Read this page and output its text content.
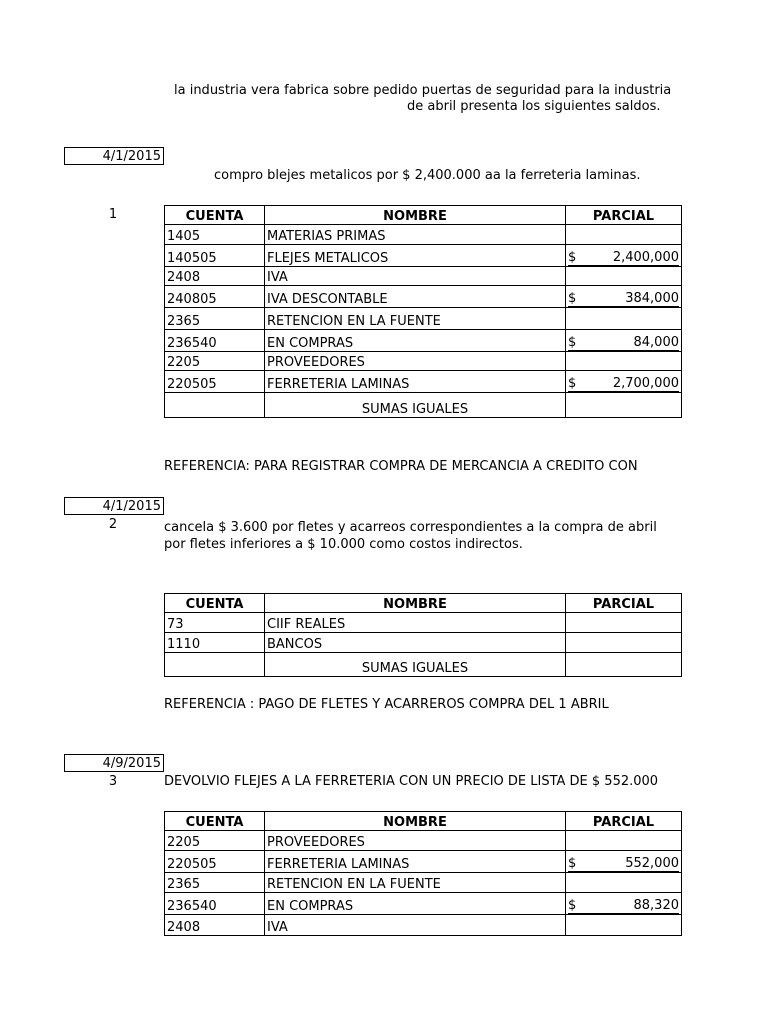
la industria vera fabrica sobre pedido puertas de seguridad para la industria
de abril presenta los siguientes saldos.
4/1/2015
compro blejes metalicos por $ 2,400.000 aa la ferreteria laminas.
1	CUENTA	NOMBRE	PARCIAL
1405	MATERIAS PRIMAS	
140505	FLEJES METALICOS	$ 2,400,000

2408	IVA	
240805	IVA DESCONTABLE	$ 384,000

2365	RETENCION EN LA FUENTE	
236540	EN COMPRAS	$ 84,000

2205	PROVEEDORES	
220505	FERRETERIA LAMINAS	$ 2,700,000

	SUMAS IGUALES	
REFERENCIA: PARA REGISTRAR COMPRA DE MERCANCIA A CREDITO CON
4/1/2015
2	cancela $ 3.600 por fletes y acarreos correspondientes a la compra de abril
por fletes inferiores a $ 10.000 como costos indirectos.
CUENTA	NOMBRE	PARCIAL
73	CIIF REALES	
1110	BANCOS	
	SUMAS IGUALES	
REFERENCIA : PAGO DE FLETES Y ACARREROS COMPRA DEL 1 ABRIL
4/9/2015
3	DEVOLVIO FLEJES A LA FERRETERIA CON UN PRECIO DE LISTA DE $ 552.000
CUENTA	NOMBRE	PARCIAL
2205	PROVEEDORES	
220505	FERRETERIA LAMINAS	$ 552,000

2365	RETENCION EN LA FUENTE	
236540	EN COMPRAS	$ 88,320

2408	IVA	
